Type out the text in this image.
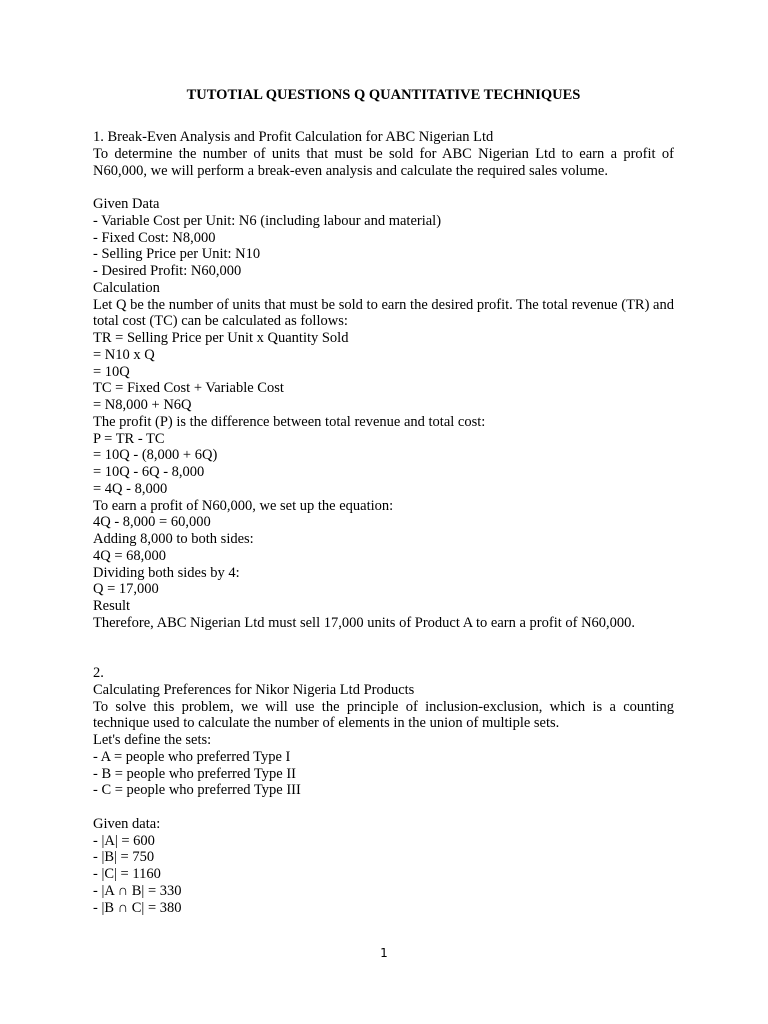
TUTOTIAL QUESTIONS Q QUANTITATIVE TECHNIQUES

1. Break-Even Analysis and Profit Calculation for ABC Nigerian Ltd

To determine the number of units that must be sold for ABC Nigerian Ltd to earn a profit of N60,000, we will perform a break-even analysis and calculate the required sales volume.

Given Data

- Variable Cost per Unit: N6 (including labour and material)

- Fixed Cost: N8,000

- Selling Price per Unit: N10

- Desired Profit: N60,000

Calculation

Let Q be the number of units that must be sold to earn the desired profit. The total revenue (TR) and total cost (TC) can be calculated as follows:

TR = Selling Price per Unit x Quantity Sold

= N10 x Q

= 10Q

TC = Fixed Cost + Variable Cost

= N8,000 + N6Q

The profit (P) is the difference between total revenue and total cost:

P = TR - TC

= 10Q - (8,000 + 6Q)

= 10Q - 6Q - 8,000

= 4Q - 8,000

To earn a profit of N60,000, we set up the equation:

4Q - 8,000 = 60,000

Adding 8,000 to both sides:

4Q = 68,000

Dividing both sides by 4:

Q = 17,000

Result

Therefore, ABC Nigerian Ltd must sell 17,000 units of Product A to earn a profit of N60,000.

2.

Calculating Preferences for Nikor Nigeria Ltd Products

To solve this problem, we will use the principle of inclusion-exclusion, which is a counting technique used to calculate the number of elements in the union of multiple sets.

Let's define the sets:

- A = people who preferred Type I

- B = people who preferred Type II

- C = people who preferred Type III

Given data:

- |A| = 600

- |B| = 750

- |C| = 1160

- |A ∩ B| = 330

- |B ∩ C| = 380

1
